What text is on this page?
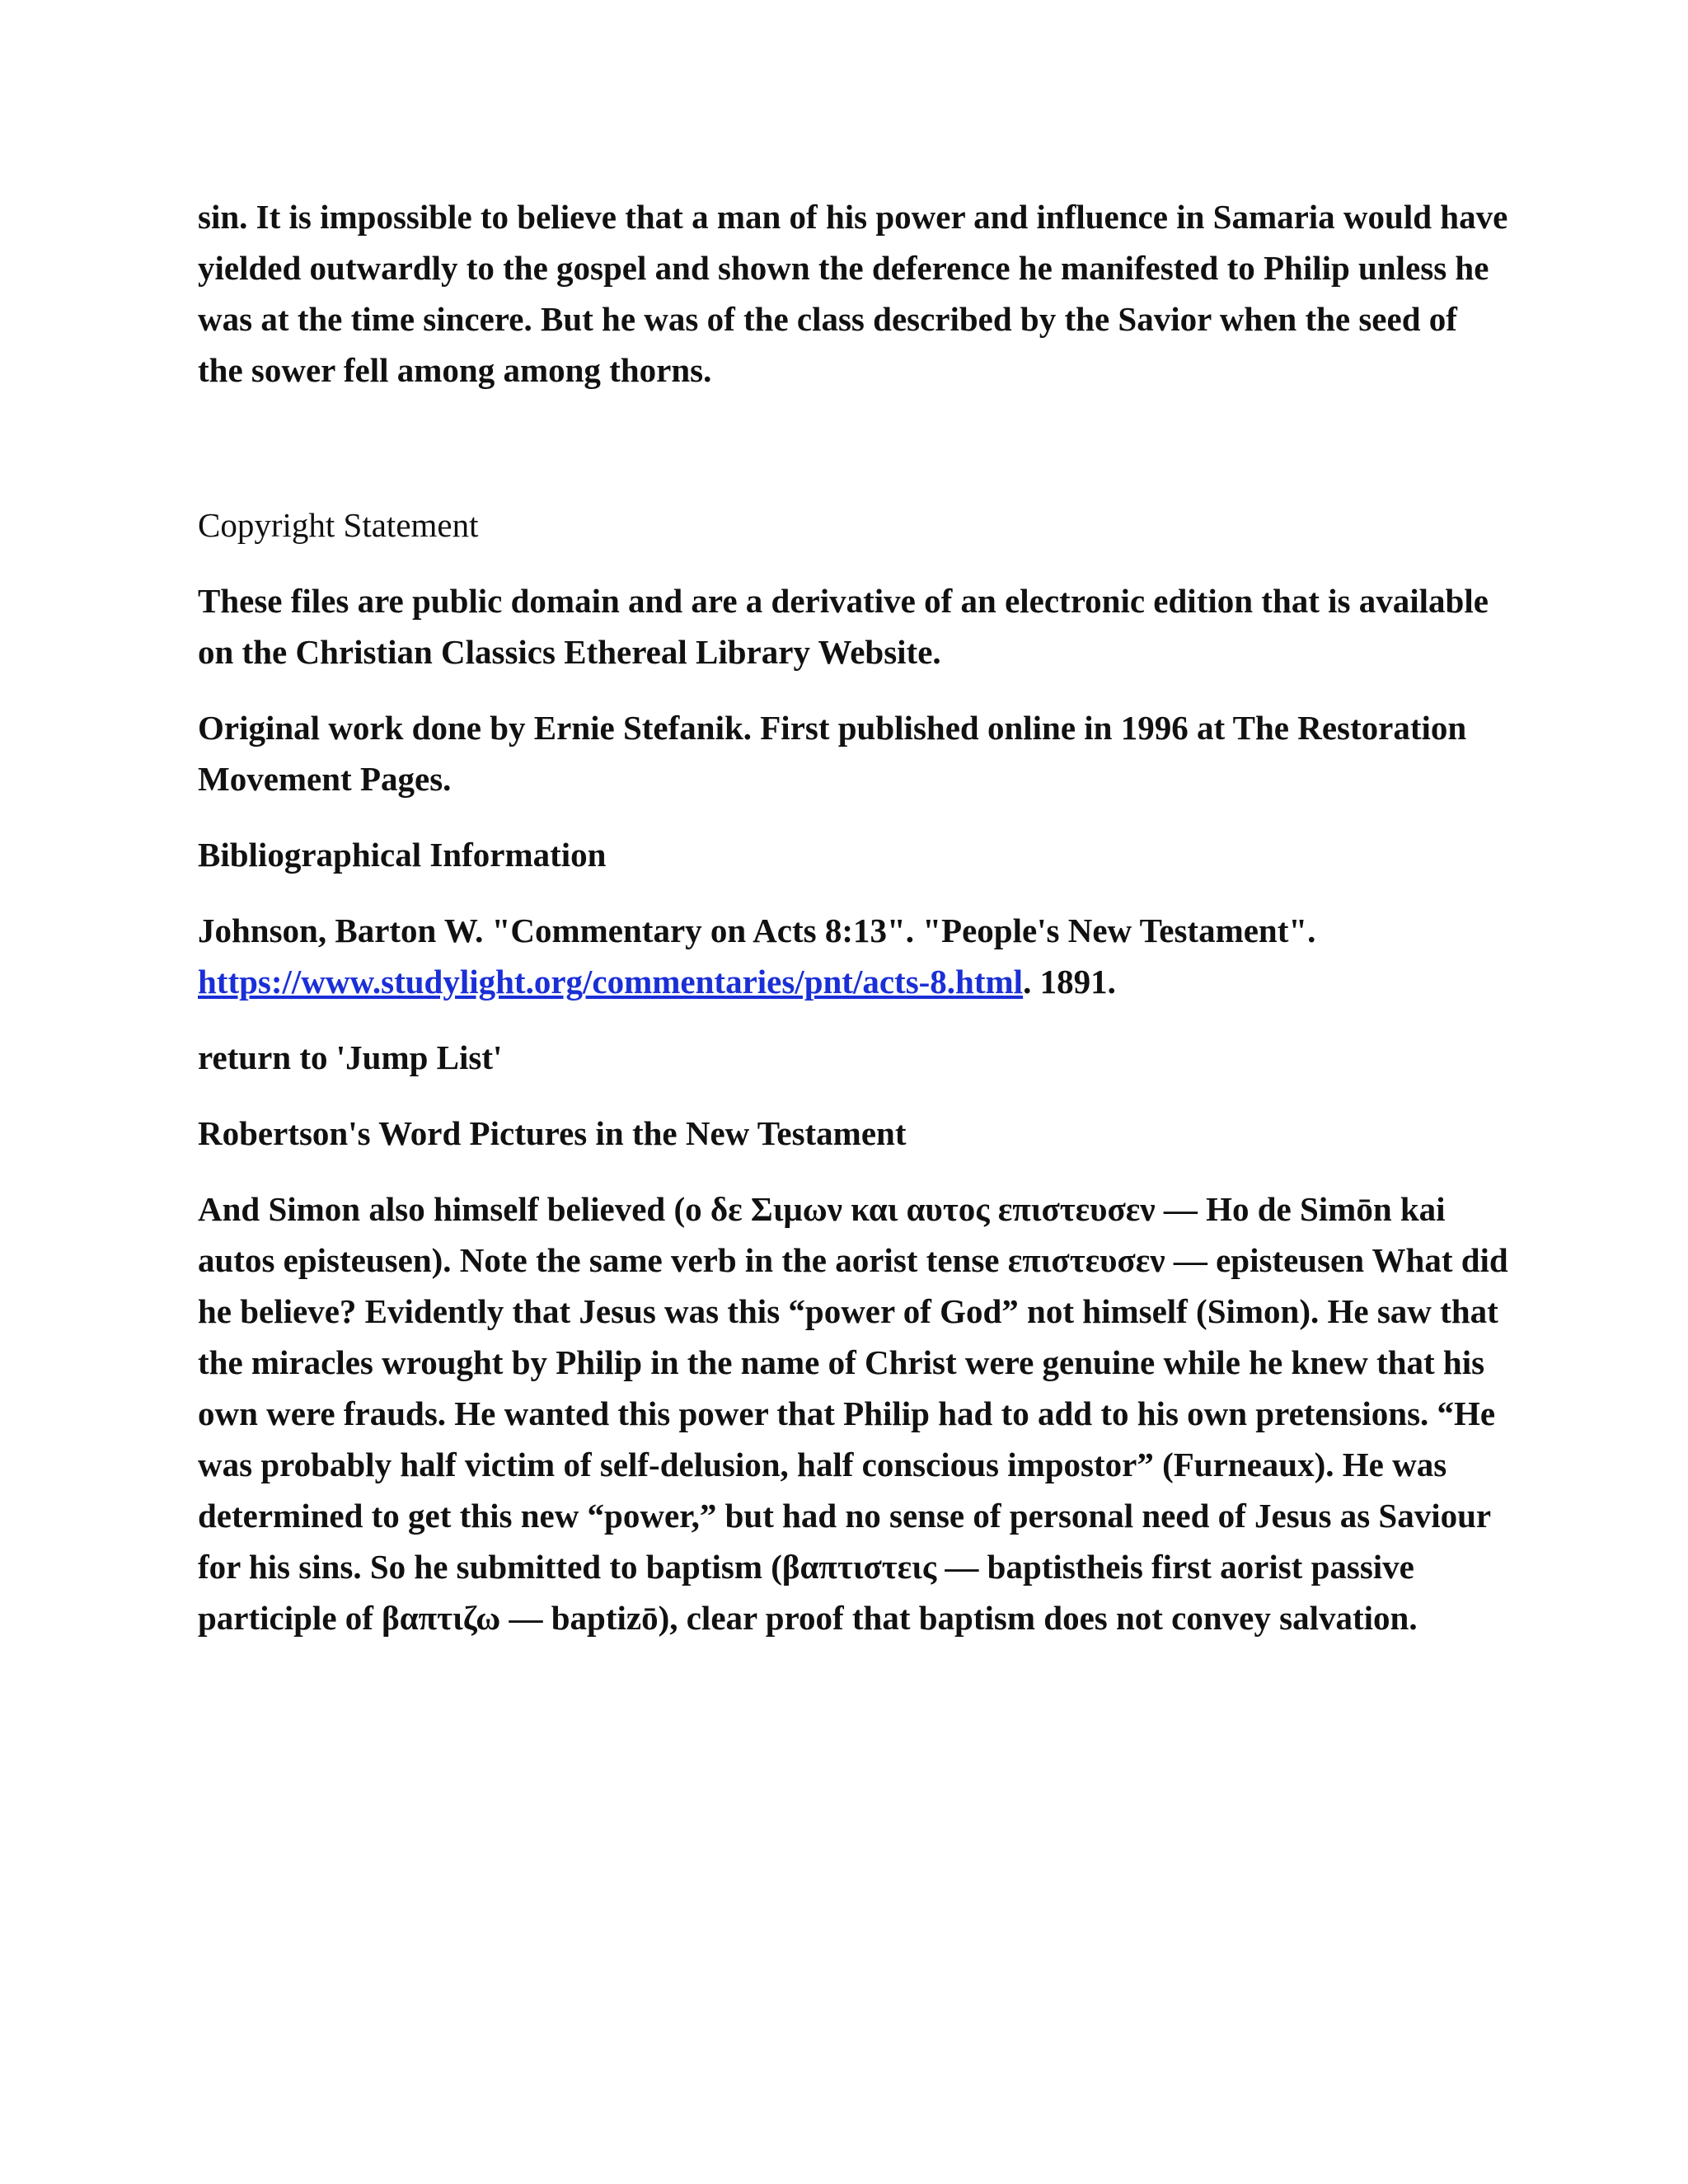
sin. It is impossible to believe that a man of his power and influence in Samaria would have yielded outwardly to the gospel and shown the deference he manifested to Philip unless he was at the time sincere. But he was of the class described by the Savior when the seed of the sower fell among among thorns.

Copyright Statement

These files are public domain and are a derivative of an electronic edition that is available on the Christian Classics Ethereal Library Website.

Original work done by Ernie Stefanik. First published online in 1996 at The Restoration Movement Pages.

Bibliographical Information

Johnson, Barton W. "Commentary on Acts 8:13". "People's New Testament". https://www.studylight.org/commentaries/pnt/acts-8.html. 1891.

return to 'Jump List'

Robertson's Word Pictures in the New Testament

And Simon also himself believed (ο δε Σιμων και αυτος επιστευσεν — Ho de Simōn kai autos episteusen). Note the same verb in the aorist tense επιστευσεν — episteusen What did he believe? Evidently that Jesus was this “power of God” not himself (Simon). He saw that the miracles wrought by Philip in the name of Christ were genuine while he knew that his own were frauds. He wanted this power that Philip had to add to his own pretensions. “He was probably half victim of self-delusion, half conscious impostor” (Furneaux). He was determined to get this new “power,” but had no sense of personal need of Jesus as Saviour for his sins. So he submitted to baptism (βαπτιστεις — baptistheis first aorist passive participle of βαπτιζω — baptizō), clear proof that baptism does not convey salvation.
